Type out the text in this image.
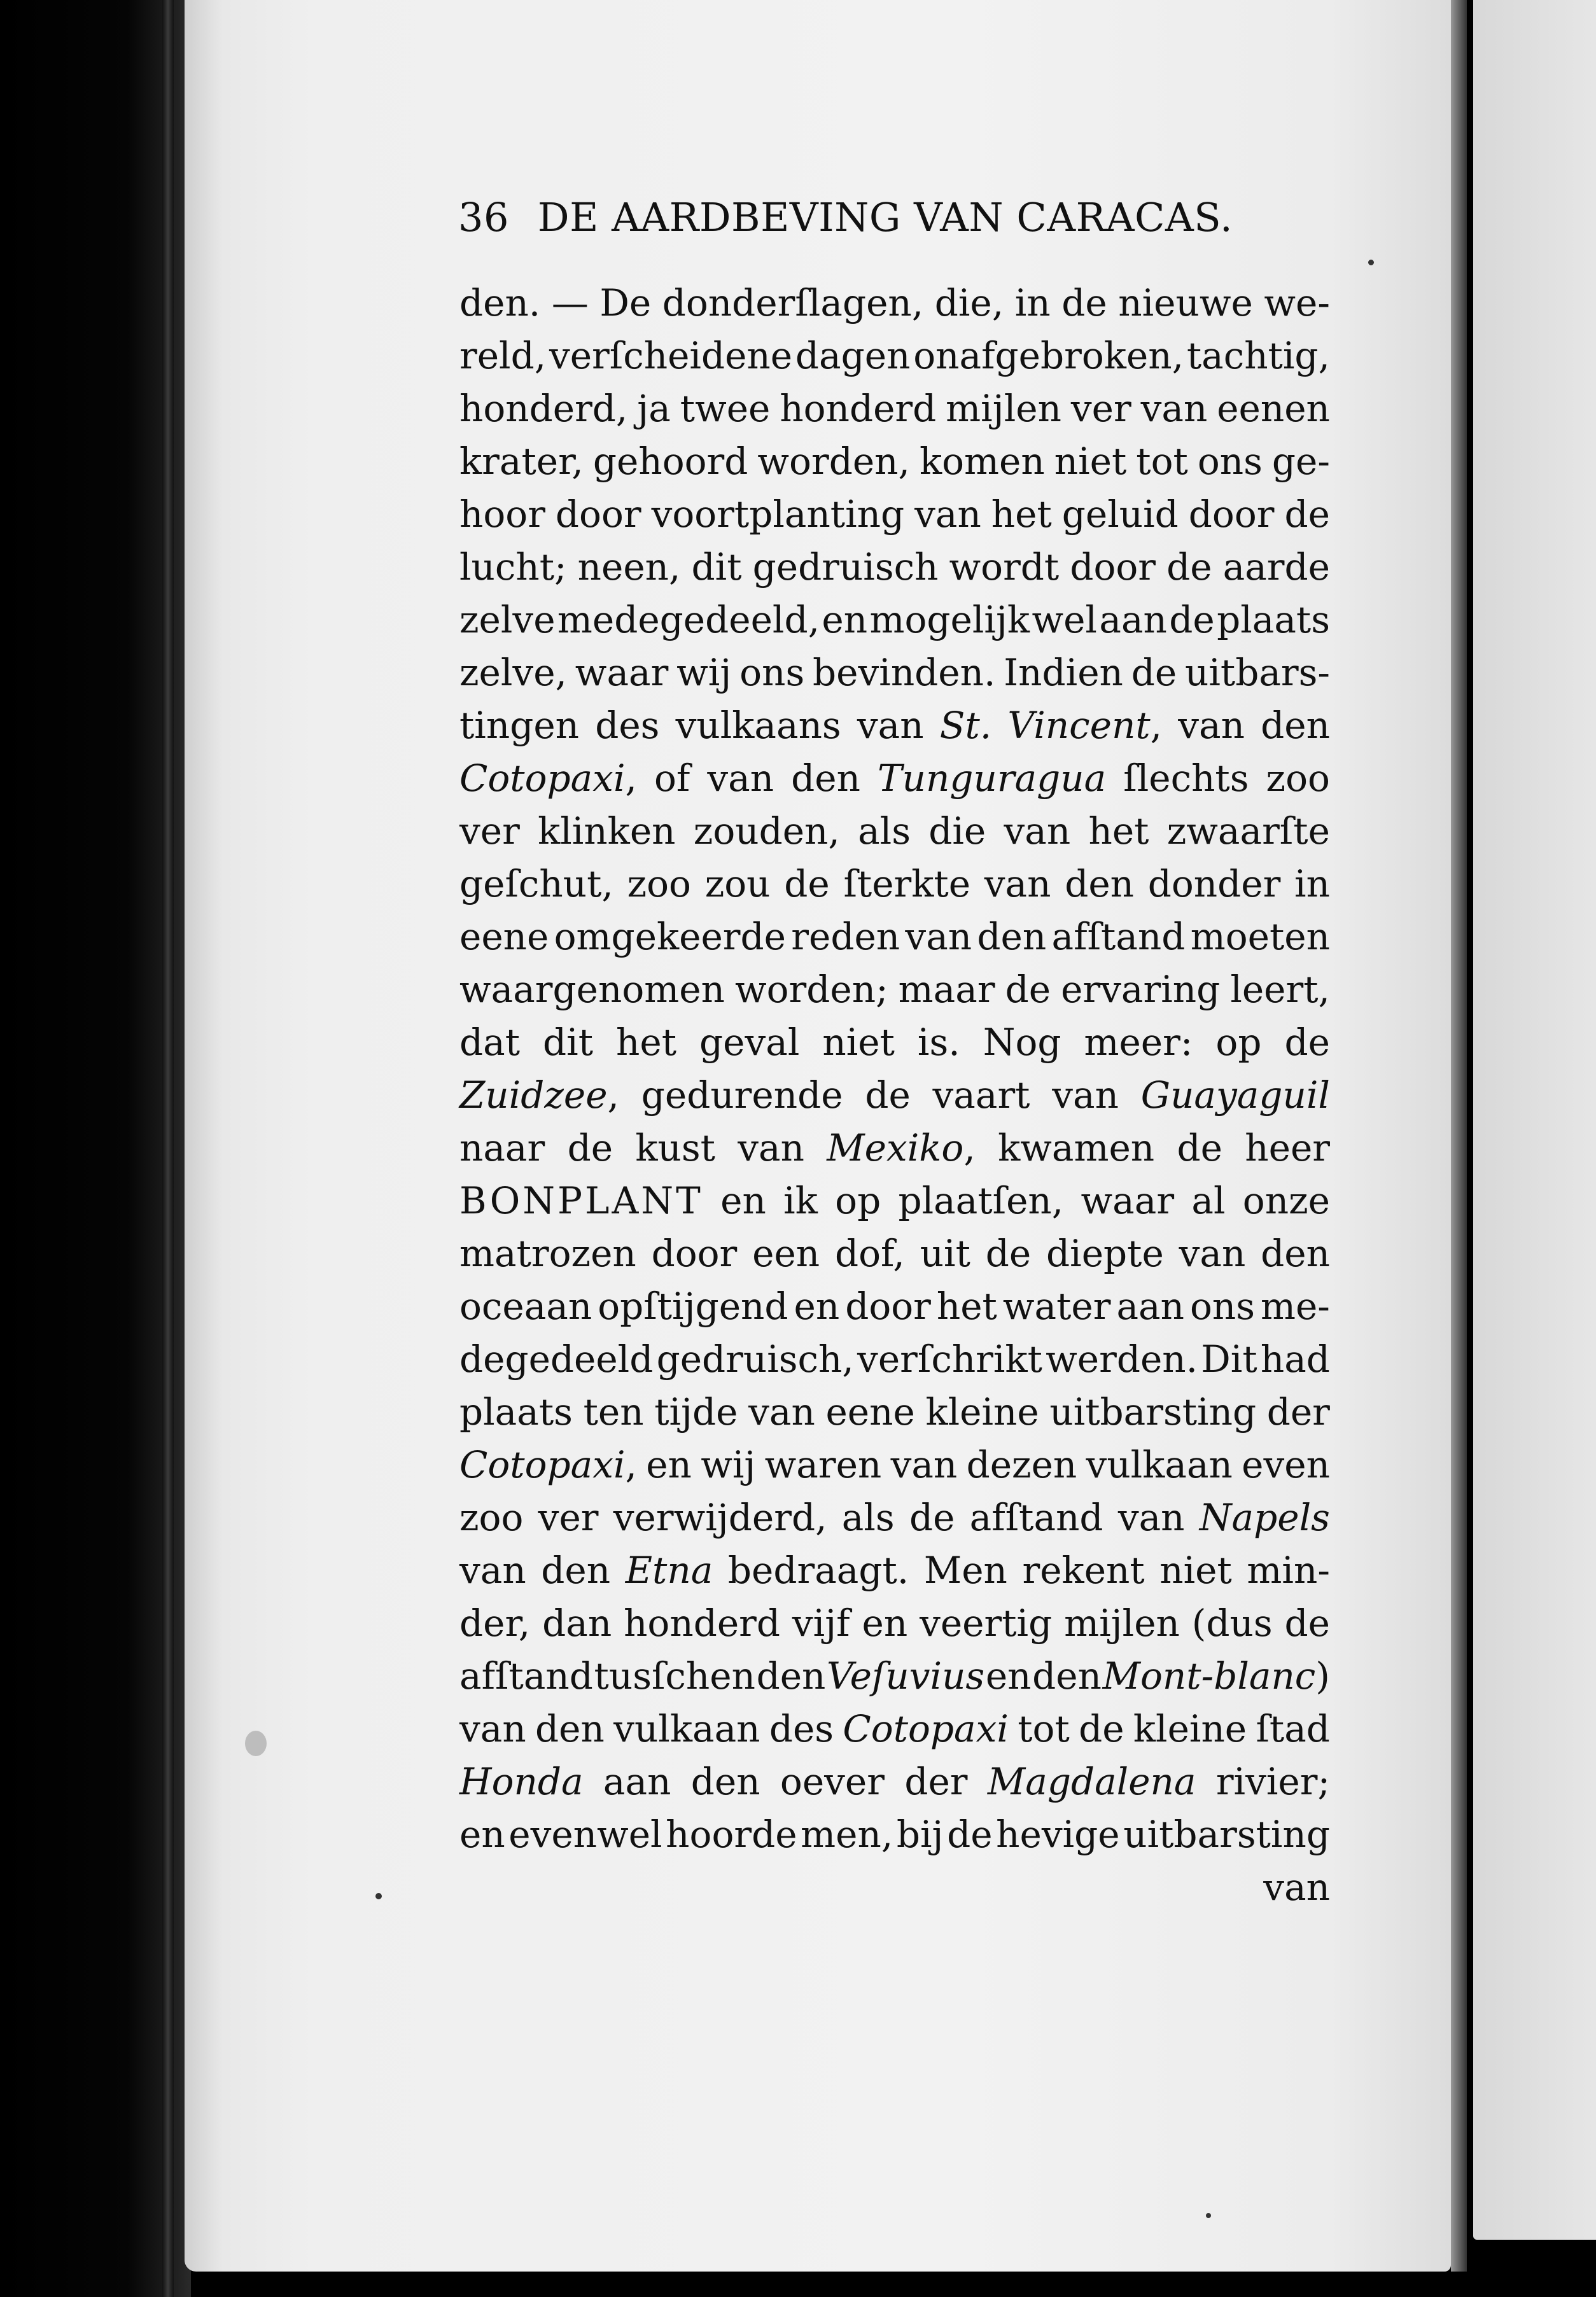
36 DE AARDBEVING VAN CARACAS.
den. — De donderſlagen, die, in de nieuwe we-
reld, verſcheidene dagen onafgebroken, tachtig,
honderd, ja twee honderd mijlen ver van eenen
krater, gehoord worden, komen niet tot ons ge-
hoor door voortplanting van het geluid door de
lucht; neen, dit gedruisch wordt door de aarde
zelve medegedeeld, en mogelijk wel aan de plaats
zelve, waar wij ons bevinden. Indien de uitbars-
tingen des vulkaans van St. Vincent, van den
Cotopaxi, of van den Tunguragua ſlechts zoo
ver klinken zouden, als die van het zwaarſte
geſchut, zoo zou de ſterkte van den donder in
eene omgekeerde reden van den afſtand moeten
waargenomen worden; maar de ervaring leert,
dat dit het geval niet is. Nog meer: op de
Zuidzee, gedurende de vaart van Guayaguil
naar de kust van Mexiko, kwamen de heer
BONPLANT en ik op plaatſen, waar al onze
matrozen door een dof, uit de diepte van den
oceaan opſtijgend en door het water aan ons me-
degedeeld gedruisch, verſchrikt werden. Dit had
plaats ten tijde van eene kleine uitbarsting der
Cotopaxi, en wij waren van dezen vulkaan even
zoo ver verwijderd, als de afſtand van Napels
van den Etna bedraagt. Men rekent niet min-
der, dan honderd vijf en veertig mijlen (dus de
afſtand tusſchen den Veſuvius en den Mont-blanc)
van den vulkaan des Cotopaxi tot de kleine ſtad
Honda aan den oever der Magdalena rivier;
en evenwel hoorde men, bij de hevige uitbarsting
van
